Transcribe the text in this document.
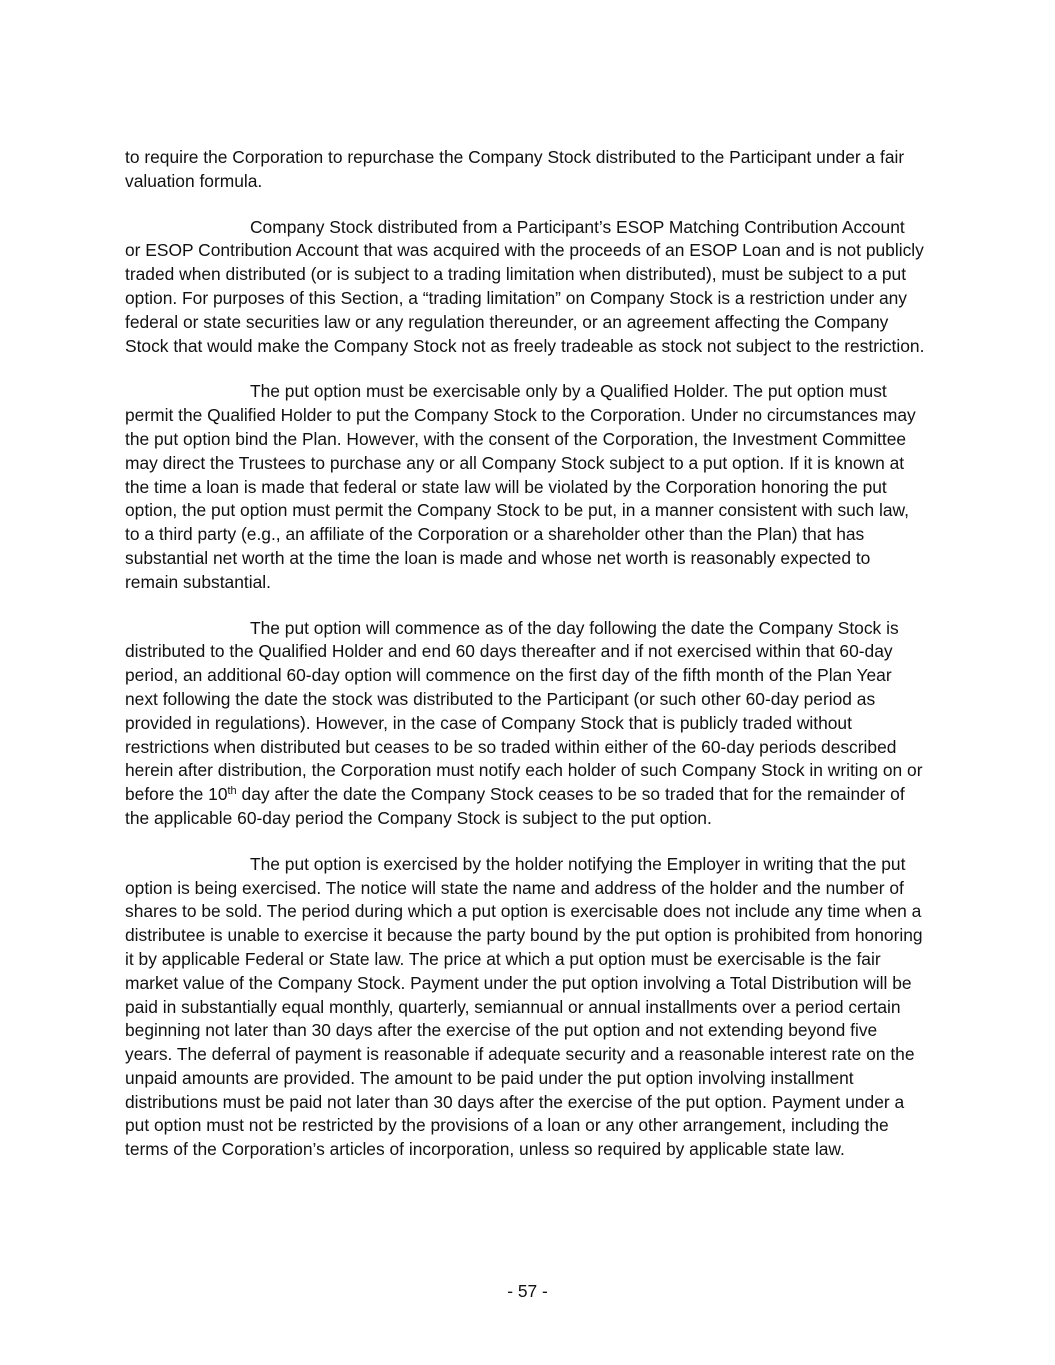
to require the Corporation to repurchase the Company Stock distributed to the Participant under a fair valuation formula.

Company Stock distributed from a Participant’s ESOP Matching Contribution Account or ESOP Contribution Account that was acquired with the proceeds of an ESOP Loan and is not publicly traded when distributed (or is subject to a trading limitation when distributed), must be subject to a put option. For purposes of this Section, a “trading limitation” on Company Stock is a restriction under any federal or state securities law or any regulation thereunder, or an agreement affecting the Company Stock that would make the Company Stock not as freely tradeable as stock not subject to the restriction.

The put option must be exercisable only by a Qualified Holder. The put option must permit the Qualified Holder to put the Company Stock to the Corporation. Under no circumstances may the put option bind the Plan. However, with the consent of the Corporation, the Investment Committee may direct the Trustees to purchase any or all Company Stock subject to a put option. If it is known at the time a loan is made that federal or state law will be violated by the Corporation honoring the put option, the put option must permit the Company Stock to be put, in a manner consistent with such law, to a third party (e.g., an affiliate of the Corporation or a shareholder other than the Plan) that has substantial net worth at the time the loan is made and whose net worth is reasonably expected to remain substantial.

The put option will commence as of the day following the date the Company Stock is distributed to the Qualified Holder and end 60 days thereafter and if not exercised within that 60-day period, an additional 60-day option will commence on the first day of the fifth month of the Plan Year next following the date the stock was distributed to the Participant (or such other 60-day period as provided in regulations). However, in the case of Company Stock that is publicly traded without restrictions when distributed but ceases to be so traded within either of the 60-day periods described herein after distribution, the Corporation must notify each holder of such Company Stock in writing on or before the 10th day after the date the Company Stock ceases to be so traded that for the remainder of the applicable 60-day period the Company Stock is subject to the put option.

The put option is exercised by the holder notifying the Employer in writing that the put option is being exercised. The notice will state the name and address of the holder and the number of shares to be sold. The period during which a put option is exercisable does not include any time when a distributee is unable to exercise it because the party bound by the put option is prohibited from honoring it by applicable Federal or State law. The price at which a put option must be exercisable is the fair market value of the Company Stock. Payment under the put option involving a Total Distribution will be paid in substantially equal monthly, quarterly, semiannual or annual installments over a period certain beginning not later than 30 days after the exercise of the put option and not extending beyond five years. The deferral of payment is reasonable if adequate security and a reasonable interest rate on the unpaid amounts are provided. The amount to be paid under the put option involving installment distributions must be paid not later than 30 days after the exercise of the put option. Payment under a put option must not be restricted by the provisions of a loan or any other arrangement, including the terms of the Corporation’s articles of incorporation, unless so required by applicable state law.

- 57 -
